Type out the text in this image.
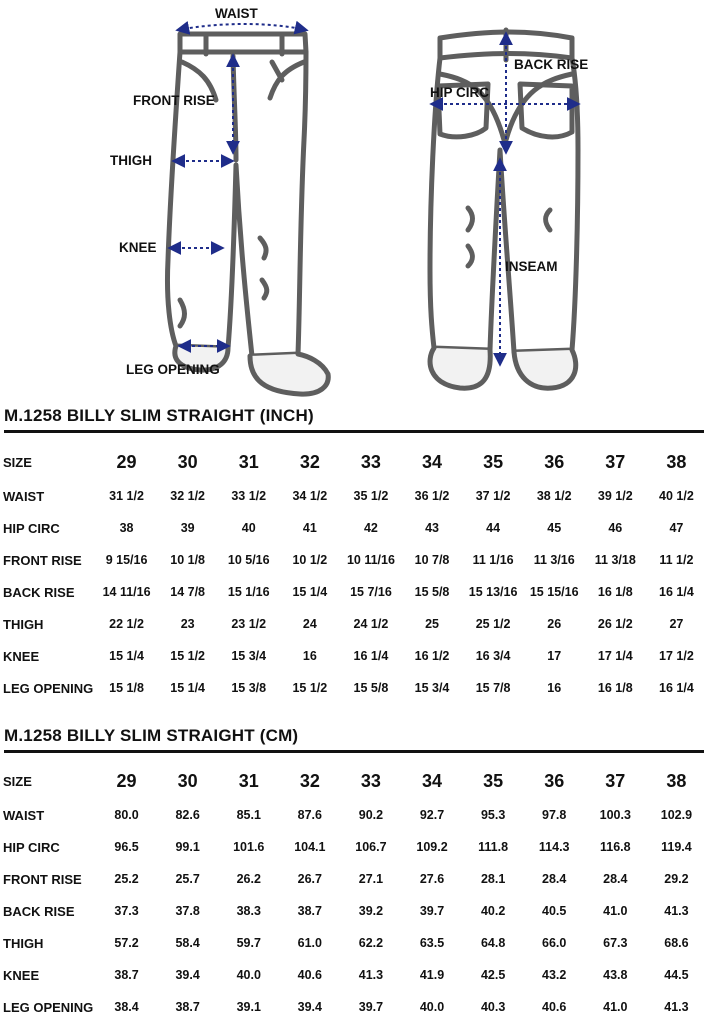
WAIST
FRONT RISE
THIGH
KNEE
LEG OPENING
BACK RISE
HIP CIRC
INSEAM
M.1258 BILLY SLIM STRAIGHT (INCH)
SIZE	29	30	31	32	33	34	35	36	37	38
WAIST	31 1/2	32 1/2	33 1/2	34 1/2	35 1/2	36 1/2	37 1/2	38 1/2	39 1/2	40 1/2
HIP CIRC	38	39	40	41	42	43	44	45	46	47
FRONT RISE	9 15/16	10 1/8	10 5/16	10 1/2	10 11/16	10 7/8	11 1/16	11 3/16	11 3/18	11 1/2
BACK RISE	14 11/16	14 7/8	15 1/16	15 1/4	15 7/16	15 5/8	15 13/16	15 15/16	16 1/8	16 1/4
THIGH	22 1/2	23	23 1/2	24	24 1/2	25	25 1/2	26	26 1/2	27
KNEE	15 1/4	15 1/2	15 3/4	16	16 1/4	16 1/2	16 3/4	17	17 1/4	17 1/2
LEG OPENING	15 1/8	15 1/4	15 3/8	15 1/2	15 5/8	15 3/4	15 7/8	16	16 1/8	16 1/4
M.1258 BILLY SLIM STRAIGHT (CM)
SIZE	29	30	31	32	33	34	35	36	37	38
WAIST	80.0	82.6	85.1	87.6	90.2	92.7	95.3	97.8	100.3	102.9
HIP CIRC	96.5	99.1	101.6	104.1	106.7	109.2	111.8	114.3	116.8	119.4
FRONT RISE	25.2	25.7	26.2	26.7	27.1	27.6	28.1	28.4	28.4	29.2
BACK RISE	37.3	37.8	38.3	38.7	39.2	39.7	40.2	40.5	41.0	41.3
THIGH	57.2	58.4	59.7	61.0	62.2	63.5	64.8	66.0	67.3	68.6
KNEE	38.7	39.4	40.0	40.6	41.3	41.9	42.5	43.2	43.8	44.5
LEG OPENING	38.4	38.7	39.1	39.4	39.7	40.0	40.3	40.6	41.0	41.3
